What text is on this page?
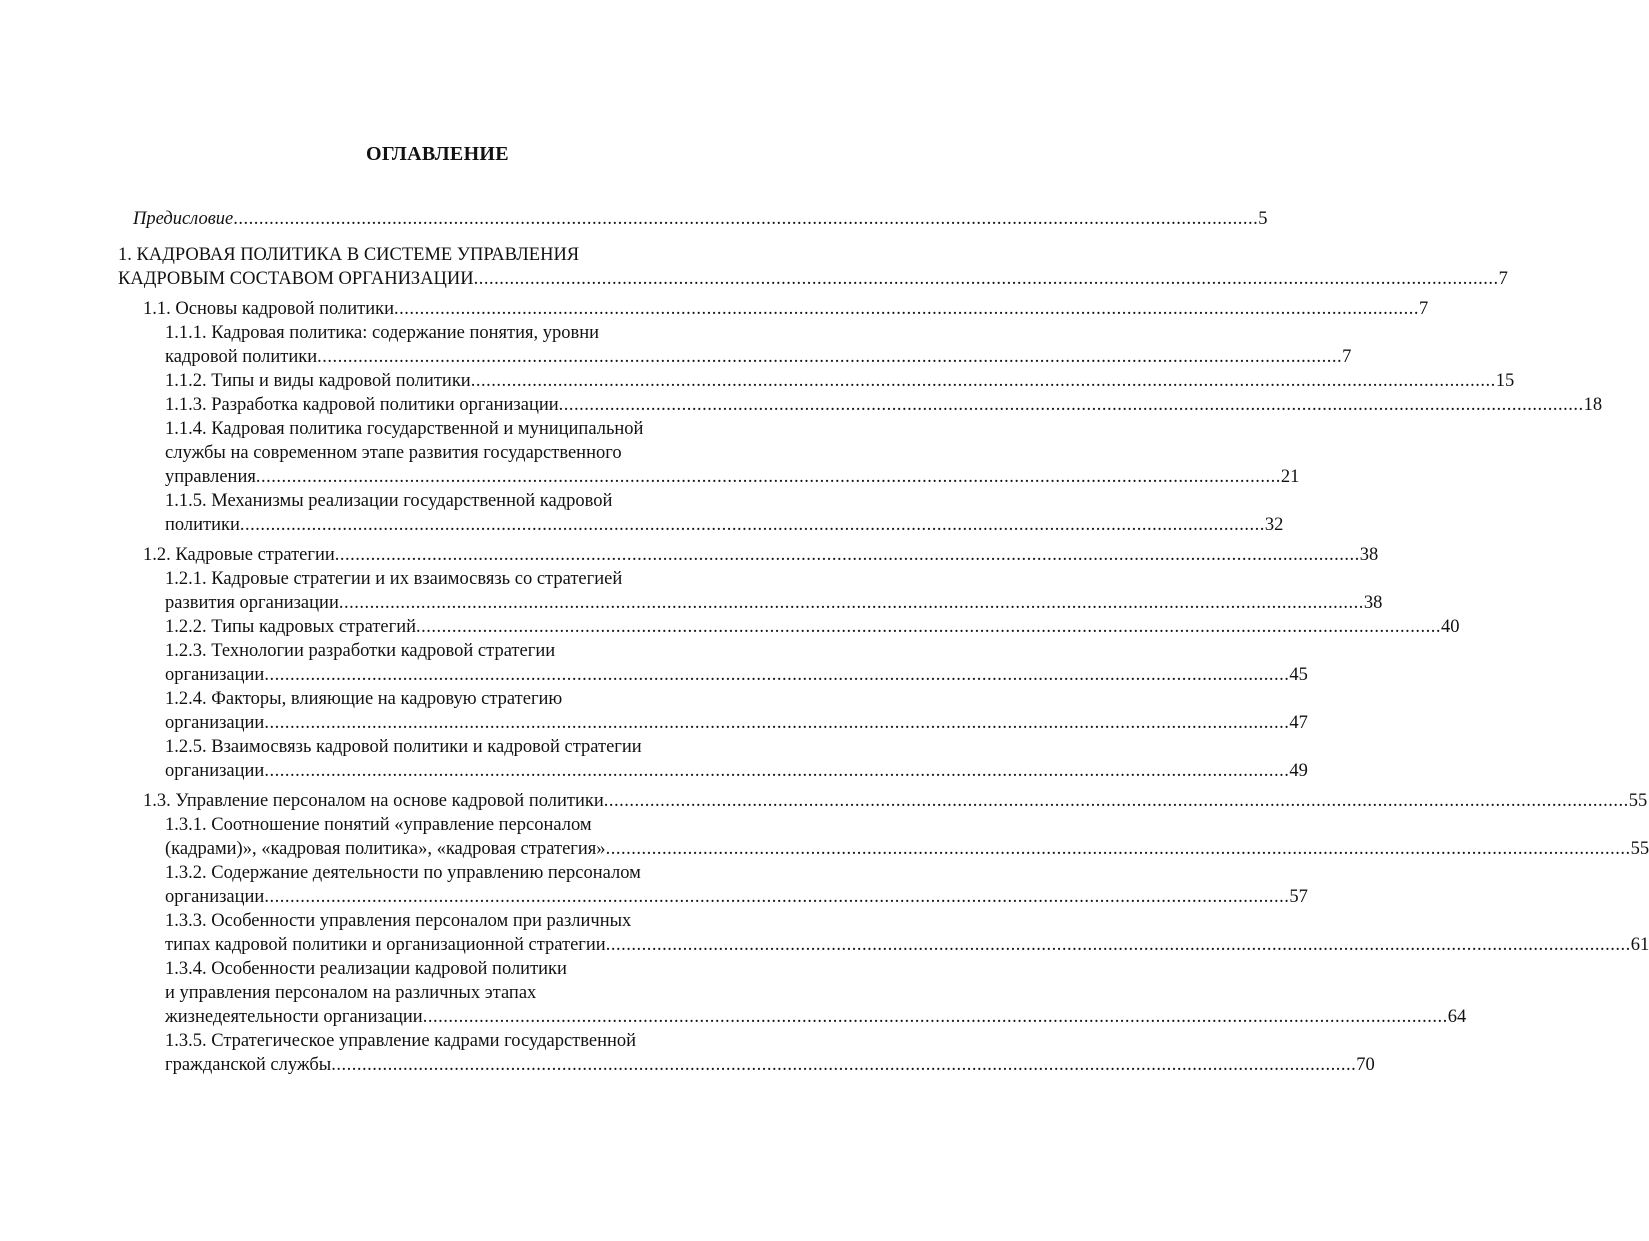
ОГЛАВЛЕНИЕ
Предисловие ........................................................................................................................................................................................................ 5
1. КАДРОВАЯ ПОЛИТИКА В СИСТЕМЕ УПРАВЛЕНИЯ
КАДРОВЫМ СОСТАВОМ ОРГАНИЗАЦИИ ........................................................................................................................................................................................................ 7
1.1. Основы кадровой политики ........................................................................................................................................................................................................ 7
1.1.1. Кадровая политика: содержание понятия, уровни
кадровой политики ........................................................................................................................................................................................................ 7
1.1.2. Типы и виды кадровой политики ........................................................................................................................................................................................................ 15
1.1.3. Разработка кадровой политики организации ........................................................................................................................................................................................................ 18
1.1.4. Кадровая политика государственной и муниципальной
службы на современном этапе развития государственного
управления ........................................................................................................................................................................................................ 21
1.1.5. Механизмы реализации государственной кадровой
политики ........................................................................................................................................................................................................ 32
1.2. Кадровые стратегии ........................................................................................................................................................................................................ 38
1.2.1. Кадровые стратегии и их взаимосвязь со стратегией
развития организации ........................................................................................................................................................................................................ 38
1.2.2. Типы кадровых стратегий ........................................................................................................................................................................................................ 40
1.2.3. Технологии разработки кадровой стратегии
организации ........................................................................................................................................................................................................ 45
1.2.4. Факторы, влияющие на кадровую стратегию
организации ........................................................................................................................................................................................................ 47
1.2.5. Взаимосвязь кадровой политики и кадровой стратегии
организации ........................................................................................................................................................................................................ 49
1.3. Управление персоналом на основе кадровой политики ........................................................................................................................................................................................................ 55
1.3.1. Соотношение понятий «управление персоналом
(кадрами)», «кадровая политика», «кадровая стратегия» ........................................................................................................................................................................................................ 55
1.3.2. Содержание деятельности по управлению персоналом
организации ........................................................................................................................................................................................................ 57
1.3.3. Особенности управления персоналом при различных
типах кадровой политики и организационной стратегии ........................................................................................................................................................................................................ 61
1.3.4. Особенности реализации кадровой политики
и управления персоналом на различных этапах
жизнедеятельности организации ........................................................................................................................................................................................................ 64
1.3.5. Стратегическое управление кадрами государственной
гражданской службы ........................................................................................................................................................................................................ 70
